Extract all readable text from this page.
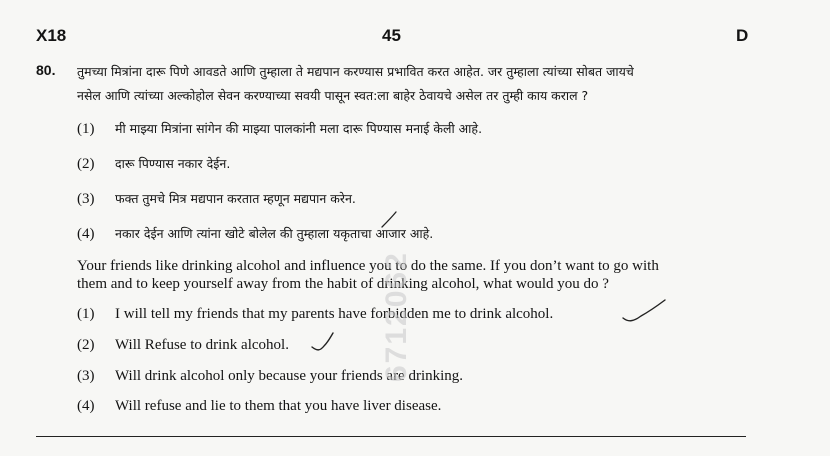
X18	45	D
80. तुमच्या मित्रांना दारू पिणे आवडते आणि तुम्हाला ते मद्यपान करण्यास प्रभावित करत आहेत. जर तुम्हाला त्यांच्या सोबत जायचे
नसेल आणि त्यांच्या अल्कोहोल सेवन करण्याच्या सवयी पासून स्वत:ला बाहेर ठेवायचे असेल तर तुम्ही काय कराल ?
(1) मी माझ्या मित्रांना सांगेन की माझ्या पालकांनी मला दारू पिण्यास मनाई केली आहे.
(2) दारू पिण्यास नकार देईन.
(3) फक्त तुमचे मित्र मद्यपान करतात म्हणून मद्यपान करेन.
(4) नकार देईन आणि त्यांना खोटे बोलेल की तुम्हाला यकृताचा आजार आहे.
Your friends like drinking alcohol and influence you to do the same. If you don’t want to go with
them and to keep yourself away from the habit of drinking alcohol, what would you do ?
(1) I will tell my friends that my parents have forbidden me to drink alcohol.
(2) Will Refuse to drink alcohol.
(3) Will drink alcohol only because your friends are drinking.
(4) Will refuse and lie to them that you have liver disease.
6712062
